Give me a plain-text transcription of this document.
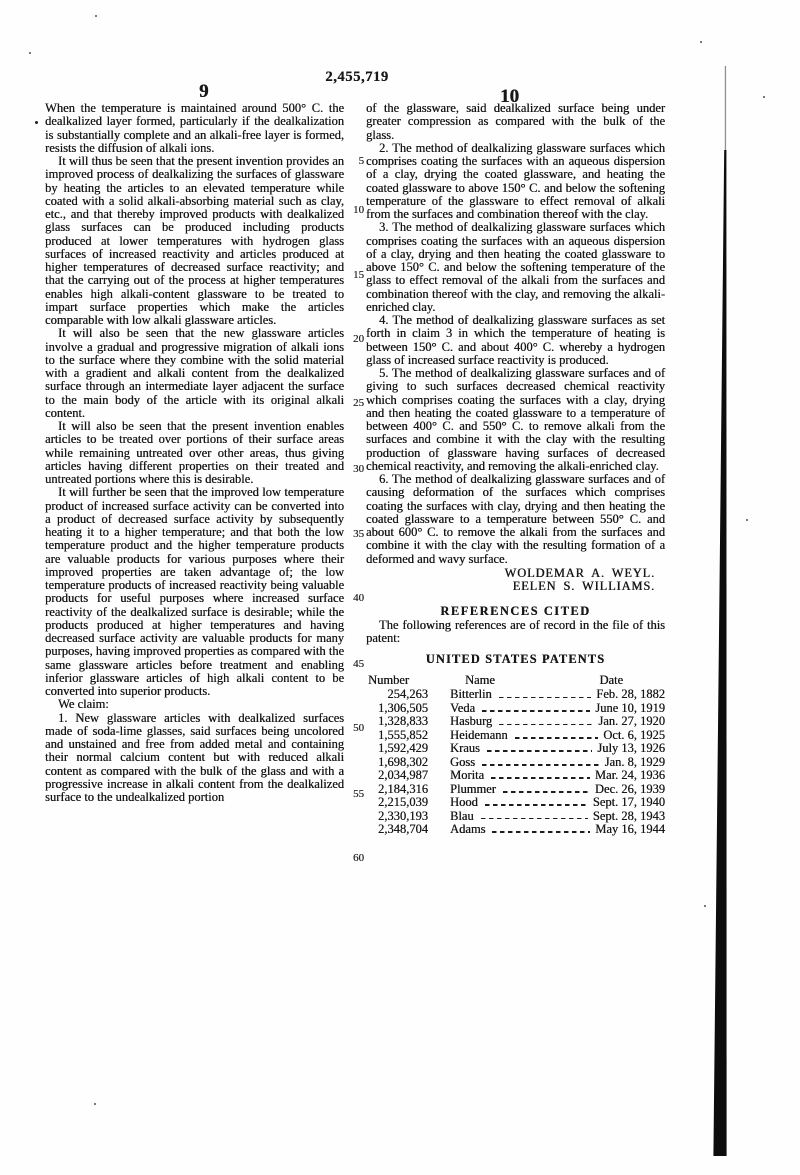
2,455,719
9	10
5
10
15
20
25
30
35
40
45
50
55
60

When the temperature is maintained around 500° C. the dealkalized layer formed, particularly if the dealkalization is substantially complete and an alkali-free layer is formed, resists the diffusion of alkali ions.

It will thus be seen that the present invention provides an improved process of dealkalizing the surfaces of glassware by heating the articles to an elevated temperature while coated with a solid alkali-absorbing material such as clay, etc., and that thereby improved products with dealkalized glass surfaces can be produced including products produced at lower temperatures with hydrogen glass surfaces of increased reactivity and articles produced at higher temperatures of decreased surface reactivity; and that the carrying out of the process at higher temperatures enables high alkali-content glassware to be treated to impart surface properties which make the articles comparable with low alkali glassware articles.

It will also be seen that the new glassware articles involve a gradual and progressive migration of alkali ions to the surface where they combine with the solid material with a gradient and alkali content from the dealkalized surface through an intermediate layer adjacent the surface to the main body of the article with its original alkali content.

It will also be seen that the present invention enables articles to be treated over portions of their surface areas while remaining untreated over other areas, thus giving articles having different properties on their treated and untreated portions where this is desirable.

It will further be seen that the improved low temperature product of increased surface activity can be converted into a product of decreased surface activity by subsequently heating it to a higher temperature; and that both the low temperature product and the higher temperature products are valuable products for various purposes where their improved properties are taken advantage of; the low temperature products of increased reactivity being valuable products for useful purposes where increased surface reactivity of the dealkalized surface is desirable; while the products produced at higher temperatures and having decreased surface activity are valuable products for many purposes, having improved properties as compared with the same glassware articles before treatment and enabling inferior glassware articles of high alkali content to be converted into superior products.

We claim:

1. New glassware articles with dealkalized surfaces made of soda-lime glasses, said surfaces being uncolored and unstained and free from added metal and containing their normal calcium content but with reduced alkali content as compared with the bulk of the glass and with a progressive increase in alkali content from the dealkalized surface to the undealkalized portion

of the glassware, said dealkalized surface being under greater compression as compared with the bulk of the glass.

2. The method of dealkalizing glassware surfaces which comprises coating the surfaces with an aqueous dispersion of a clay, drying the coated glassware, and heating the coated glassware to above 150° C. and below the softening temperature of the glassware to effect removal of alkali from the surfaces and combination thereof with the clay.

3. The method of dealkalizing glassware surfaces which comprises coating the surfaces with an aqueous dispersion of a clay, drying and then heating the coated glassware to above 150° C. and below the softening temperature of the glass to effect removal of the alkali from the surfaces and combination thereof with the clay, and removing the alkali-enriched clay.

4. The method of dealkalizing glassware surfaces as set forth in claim 3 in which the temperature of heating is between 150° C. and about 400° C. whereby a hydrogen glass of increased surface reactivity is produced.

5. The method of dealkalizing glassware surfaces and of giving to such surfaces decreased chemical reactivity which comprises coating the surfaces with a clay, drying and then heating the coated glassware to a temperature of between 400° C. and 550° C. to remove alkali from the surfaces and combine it with the clay with the resulting production of glassware having surfaces of decreased chemical reactivity, and removing the alkali-enriched clay.

6. The method of dealkalizing glassware surfaces and of causing deformation of the surfaces which comprises coating the surfaces with clay, drying and then heating the coated glassware to a temperature between 550° C. and about 600° C. to remove the alkali from the surfaces and combine it with the clay with the resulting formation of a deformed and wavy surface.

WOLDEMAR A. WEYL.
EELEN S. WILLIAMS.
REFERENCES CITED

The following references are of record in the file of this patent:

UNITED STATES PATENTS
Number	Name	Date
254,263 Bitterlin	Feb. 28, 1882
1,306,505 Veda	June 10, 1919
1,328,833 Hasburg	Jan. 27, 1920
1,555,852 Heidemann	Oct. 6, 1925
1,592,429 Kraus	July 13, 1926
1,698,302 Goss	Jan. 8, 1929
2,034,987 Morita	Mar. 24, 1936
2,184,316 Plummer	Dec. 26, 1939
2,215,039 Hood	Sept. 17, 1940
2,330,193 Blau	Sept. 28, 1943
2,348,704 Adams	May 16, 1944
